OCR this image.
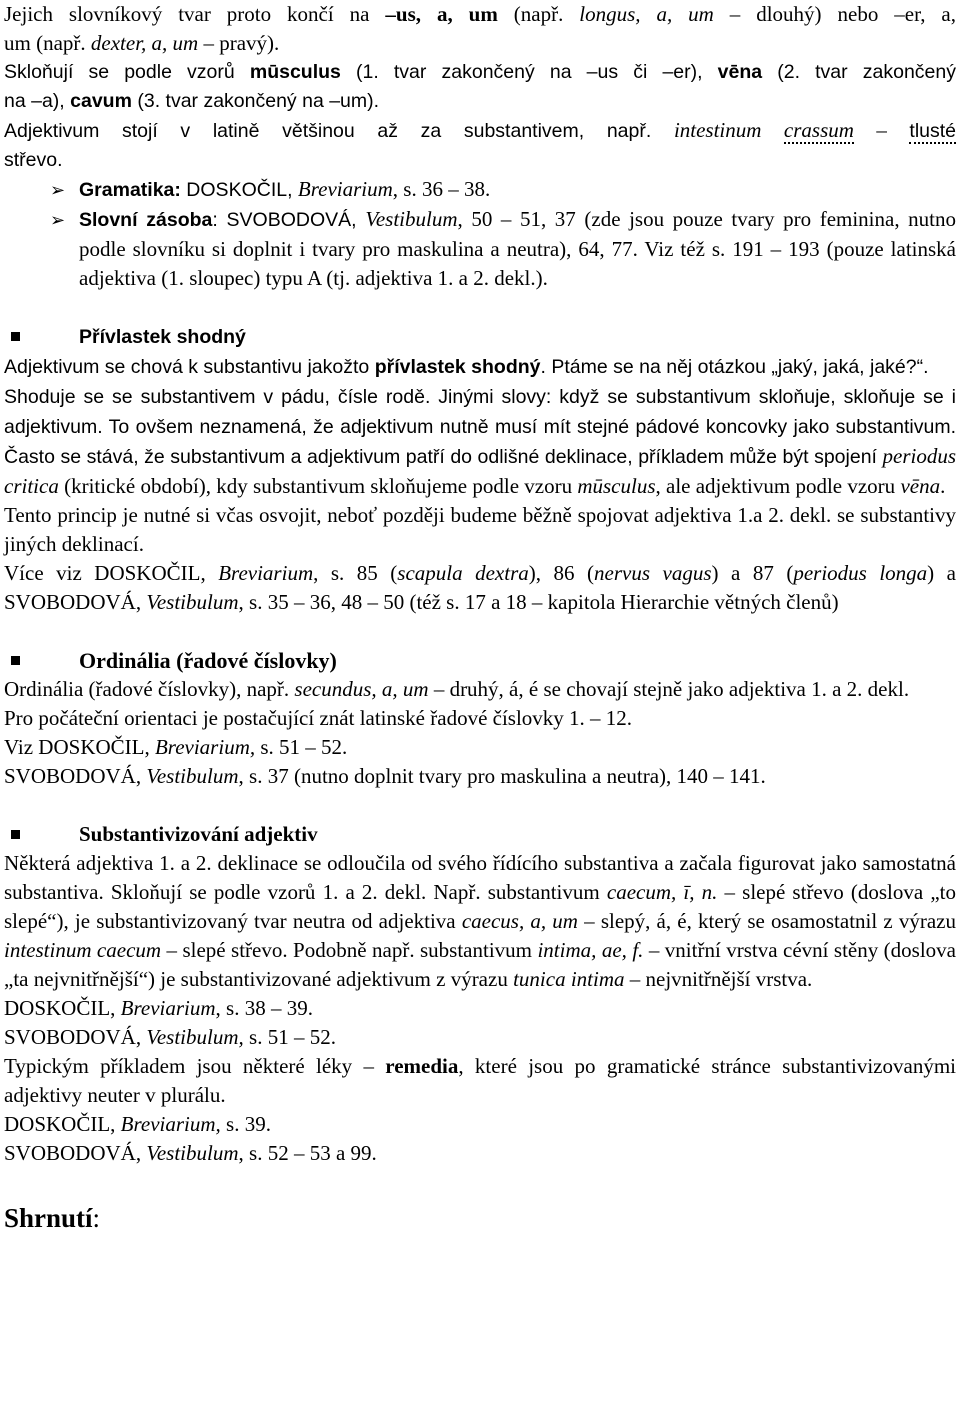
Jejich slovníkový tvar proto končí na –us, a, um (např. longus, a, um – dlouhý) nebo –er, a,

um (např. dexter, a, um – pravý).

Skloňují se podle vzorů mūsculus (1. tvar zakončený na –us či –er), vēna (2. tvar zakončený

na –a), cavum (3. tvar zakončený na –um).

Adjektivum stojí v latině většinou až za substantivem, např. intestinum crassum – tlusté

střevo.

➢ Gramatika: DOSKOČIL, Breviarium, s. 36 – 38.

➢ Slovní zásoba: SVOBODOVÁ, Vestibulum, 50 – 51, 37 (zde jsou pouze tvary pro feminina, nutno podle slovníku si doplnit i tvary pro maskulina a neutra), 64, 77. Viz též s. 191 – 193 (pouze latinská adjektiva (1. sloupec) typu A (tj. adjektiva 1. a 2. dekl.).

Přívlastek shodný

Adjektivum se chová k substantivu jakožto přívlastek shodný. Ptáme se na něj otázkou „jaký, jaká, jaké?“.

Shoduje se se substantivem v pádu, čísle rodě. Jinými slovy: když se substantivum skloňuje, skloňuje se i adjektivum. To ovšem neznamená, že adjektivum nutně musí mít stejné pádové koncovky jako substantivum. Často se stává, že substantivum a adjektivum patří do odlišné deklinace, příkladem může být spojení periodus critica (kritické období), kdy substantivum skloňujeme podle vzoru mūsculus, ale adjektivum podle vzoru vēna.

Tento princip je nutné si včas osvojit, neboť později budeme běžně spojovat adjektiva 1.a 2. dekl. se substantivy jiných deklinací.

Více viz DOSKOČIL, Breviarium, s. 85 (scapula dextra), 86 (nervus vagus) a 87 (periodus longa) a SVOBODOVÁ, Vestibulum, s. 35 – 36, 48 – 50 (též s. 17 a 18 – kapitola Hierarchie větných členů)

Ordinália (řadové číslovky)

Ordinália (řadové číslovky), např. secundus, a, um – druhý, á, é se chovají stejně jako adjektiva 1. a 2. dekl.

Pro počáteční orientaci je postačující znát latinské řadové číslovky 1. – 12.

Viz DOSKOČIL, Breviarium, s. 51 – 52.

SVOBODOVÁ, Vestibulum, s. 37 (nutno doplnit tvary pro maskulina a neutra), 140 – 141.

Substantivizování adjektiv

Některá adjektiva 1. a 2. deklinace se odloučila od svého řídícího substantiva a začala figurovat jako samostatná substantiva. Skloňují se podle vzorů 1. a 2. dekl. Např. substantivum caecum, ī, n. – slepé střevo (doslova „to slepé“), je substantivizovaný tvar neutra od adjektiva caecus, a, um – slepý, á, é, který se osamostatnil z výrazu intestinum caecum – slepé střevo. Podobně např. substantivum intima, ae, f. – vnitřní vrstva cévní stěny (doslova „ta nejvnitřnější“) je substantivizované adjektivum z výrazu tunica intima – nejvnitřnější vrstva.

DOSKOČIL, Breviarium, s. 38 – 39.

SVOBODOVÁ, Vestibulum, s. 51 – 52.

Typickým příkladem jsou některé léky – remedia, které jsou po gramatické stránce substantivizovanými adjektivy neuter v plurálu.

DOSKOČIL, Breviarium, s. 39.

SVOBODOVÁ, Vestibulum, s. 52 – 53 a 99.

Shrnutí:
